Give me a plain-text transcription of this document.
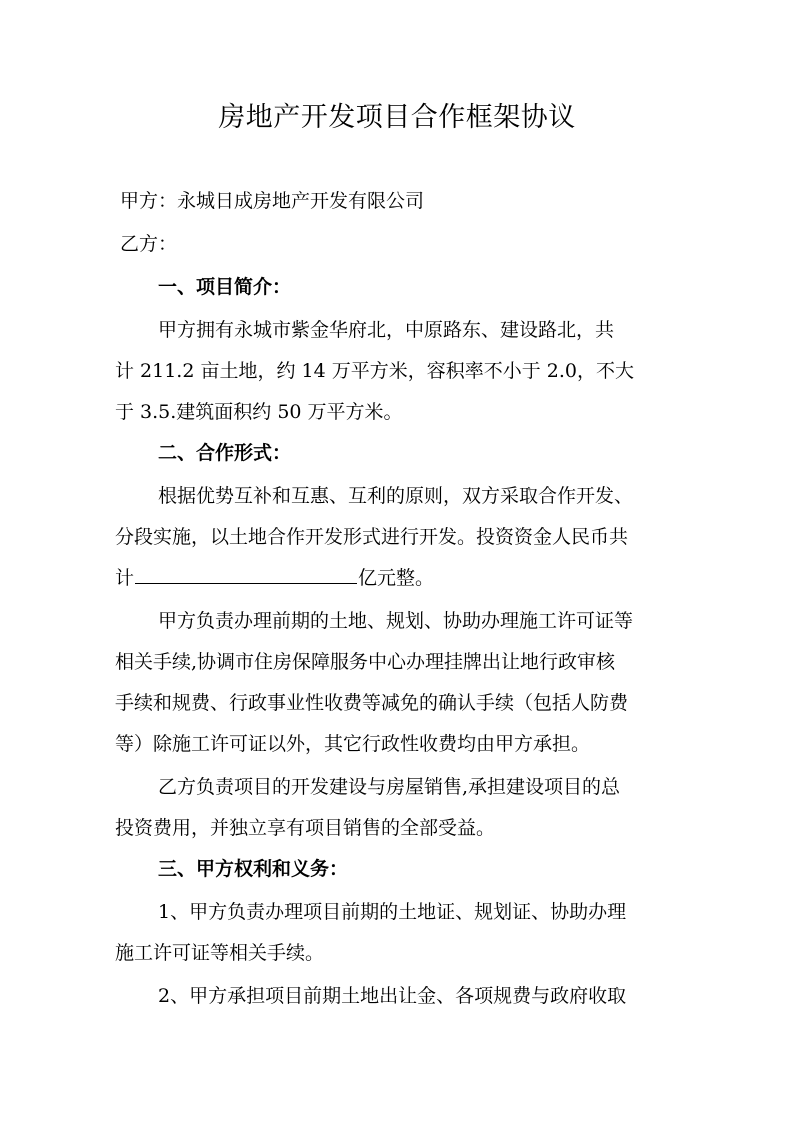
房地产开发项目合作框架协议
甲方：永城日成房地产开发有限公司
乙方：
一、项目简介：
甲方拥有永城市紫金华府北，中原路东、建设路北，共
计 211.2 亩土地，约 14 万平方米，容积率不小于 2.0，不大
于 3.5.建筑面积约 50 万平方米。
二、合作形式：
根据优势互补和互惠、互利的原则，双方采取合作开发、
分段实施，以土地合作开发形式进行开发。投资资金人民币共
计	亿元整。
甲方负责办理前期的土地、规划、协助办理施工许可证等
相关手续,协调市住房保障服务中心办理挂牌出让地行政审核
手续和规费、行政事业性收费等减免的确认手续（包括人防费
等）除施工许可证以外，其它行政性收费均由甲方承担。
乙方负责项目的开发建设与房屋销售,承担建设项目的总
投资费用，并独立享有项目销售的全部受益。
三、甲方权利和义务：
1、甲方负责办理项目前期的土地证、规划证、协助办理
施工许可证等相关手续。
2、甲方承担项目前期土地出让金、各项规费与政府收取
